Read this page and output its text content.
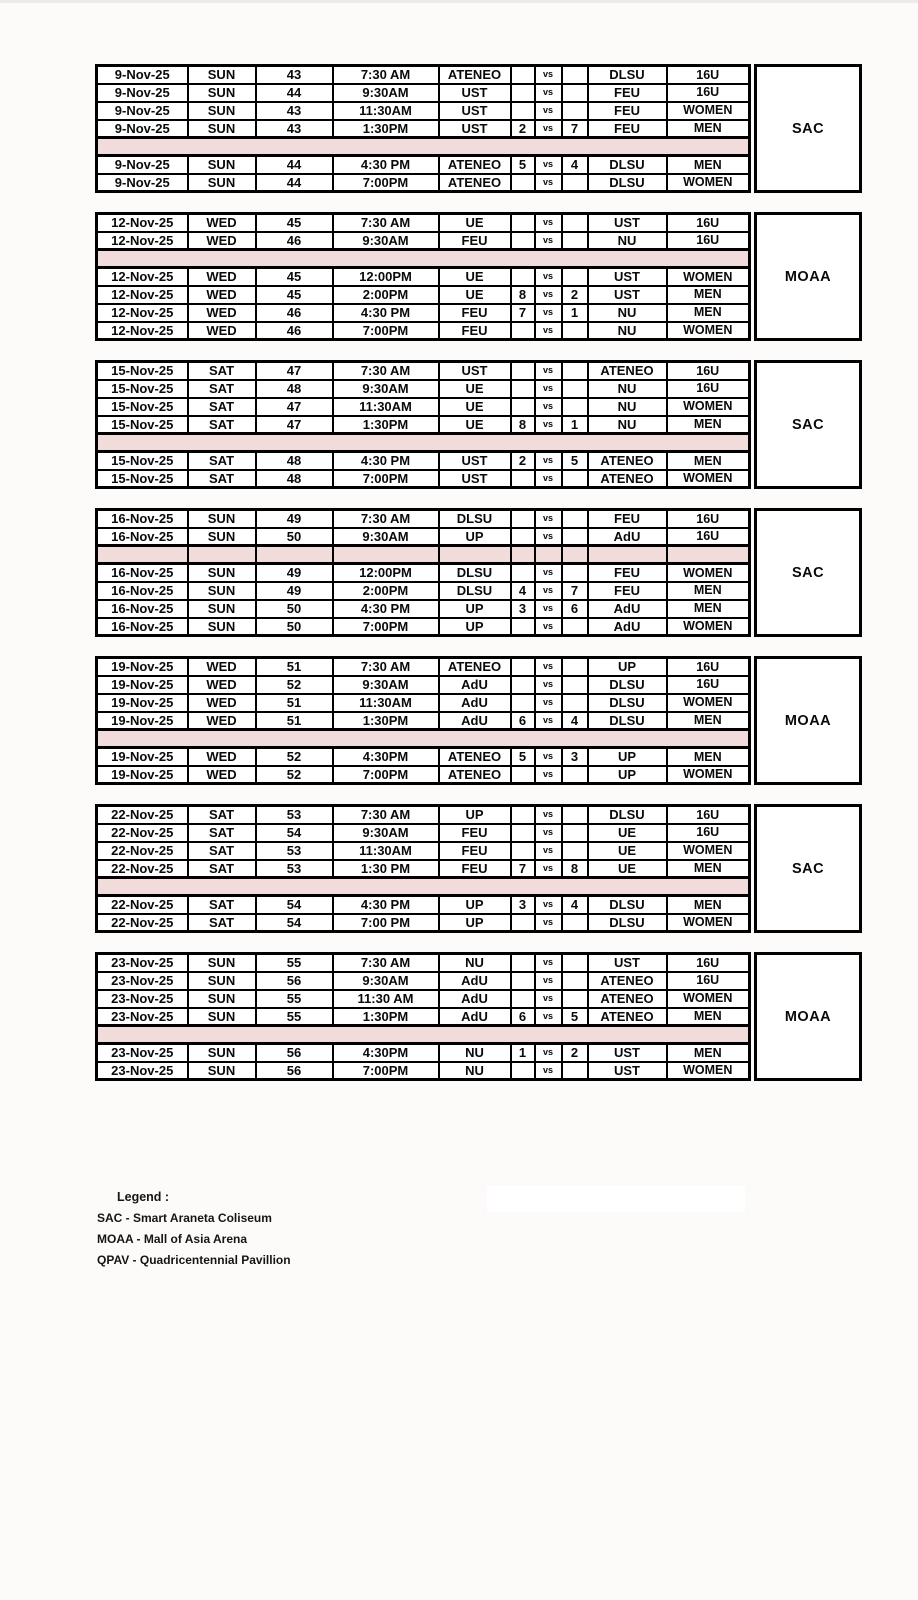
9-Nov-25	SUN	43	7:30 AM	ATENEO		vs		DLSU	16U
9-Nov-25	SUN	44	9:30AM	UST		vs		FEU	16U
9-Nov-25	SUN	43	11:30AM	UST		vs		FEU	WOMEN
9-Nov-25	SUN	43	1:30PM	UST	2	vs	7	FEU	MEN

9-Nov-25	SUN	44	4:30 PM	ATENEO	5	vs	4	DLSU	MEN
9-Nov-25	SUN	44	7:00PM	ATENEO		vs		DLSU	WOMEN
SAC
12-Nov-25	WED	45	7:30 AM	UE		vs		UST	16U
12-Nov-25	WED	46	9:30AM	FEU		vs		NU	16U

12-Nov-25	WED	45	12:00PM	UE		vs		UST	WOMEN
12-Nov-25	WED	45	2:00PM	UE	8	vs	2	UST	MEN
12-Nov-25	WED	46	4:30 PM	FEU	7	vs	1	NU	MEN
12-Nov-25	WED	46	7:00PM	FEU		vs		NU	WOMEN
MOAA
15-Nov-25	SAT	47	7:30 AM	UST		vs		ATENEO	16U
15-Nov-25	SAT	48	9:30AM	UE		vs		NU	16U
15-Nov-25	SAT	47	11:30AM	UE		vs		NU	WOMEN
15-Nov-25	SAT	47	1:30PM	UE	8	vs	1	NU	MEN

15-Nov-25	SAT	48	4:30 PM	UST	2	vs	5	ATENEO	MEN
15-Nov-25	SAT	48	7:00PM	UST		vs		ATENEO	WOMEN
SAC
16-Nov-25	SUN	49	7:30 AM	DLSU		vs		FEU	16U
16-Nov-25	SUN	50	9:30AM	UP		vs		AdU	16U

16-Nov-25	SUN	49	12:00PM	DLSU		vs		FEU	WOMEN
16-Nov-25	SUN	49	2:00PM	DLSU	4	vs	7	FEU	MEN
16-Nov-25	SUN	50	4:30 PM	UP	3	vs	6	AdU	MEN
16-Nov-25	SUN	50	7:00PM	UP		vs		AdU	WOMEN
SAC
19-Nov-25	WED	51	7:30 AM	ATENEO		vs		UP	16U
19-Nov-25	WED	52	9:30AM	AdU		vs		DLSU	16U
19-Nov-25	WED	51	11:30AM	AdU		vs		DLSU	WOMEN
19-Nov-25	WED	51	1:30PM	AdU	6	vs	4	DLSU	MEN

19-Nov-25	WED	52	4:30PM	ATENEO	5	vs	3	UP	MEN
19-Nov-25	WED	52	7:00PM	ATENEO		vs		UP	WOMEN
MOAA
22-Nov-25	SAT	53	7:30 AM	UP		vs		DLSU	16U
22-Nov-25	SAT	54	9:30AM	FEU		vs		UE	16U
22-Nov-25	SAT	53	11:30AM	FEU		vs		UE	WOMEN
22-Nov-25	SAT	53	1:30 PM	FEU	7	vs	8	UE	MEN

22-Nov-25	SAT	54	4:30 PM	UP	3	vs	4	DLSU	MEN
22-Nov-25	SAT	54	7:00 PM	UP		vs		DLSU	WOMEN
SAC
23-Nov-25	SUN	55	7:30 AM	NU		vs		UST	16U
23-Nov-25	SUN	56	9:30AM	AdU		vs		ATENEO	16U
23-Nov-25	SUN	55	11:30 AM	AdU		vs		ATENEO	WOMEN
23-Nov-25	SUN	55	1:30PM	AdU	6	vs	5	ATENEO	MEN

23-Nov-25	SUN	56	4:30PM	NU	1	vs	2	UST	MEN
23-Nov-25	SUN	56	7:00PM	NU		vs		UST	WOMEN
MOAA
Legend :
SAC - Smart Araneta Coliseum
MOAA - Mall of Asia Arena
QPAV - Quadricentennial Pavillion
